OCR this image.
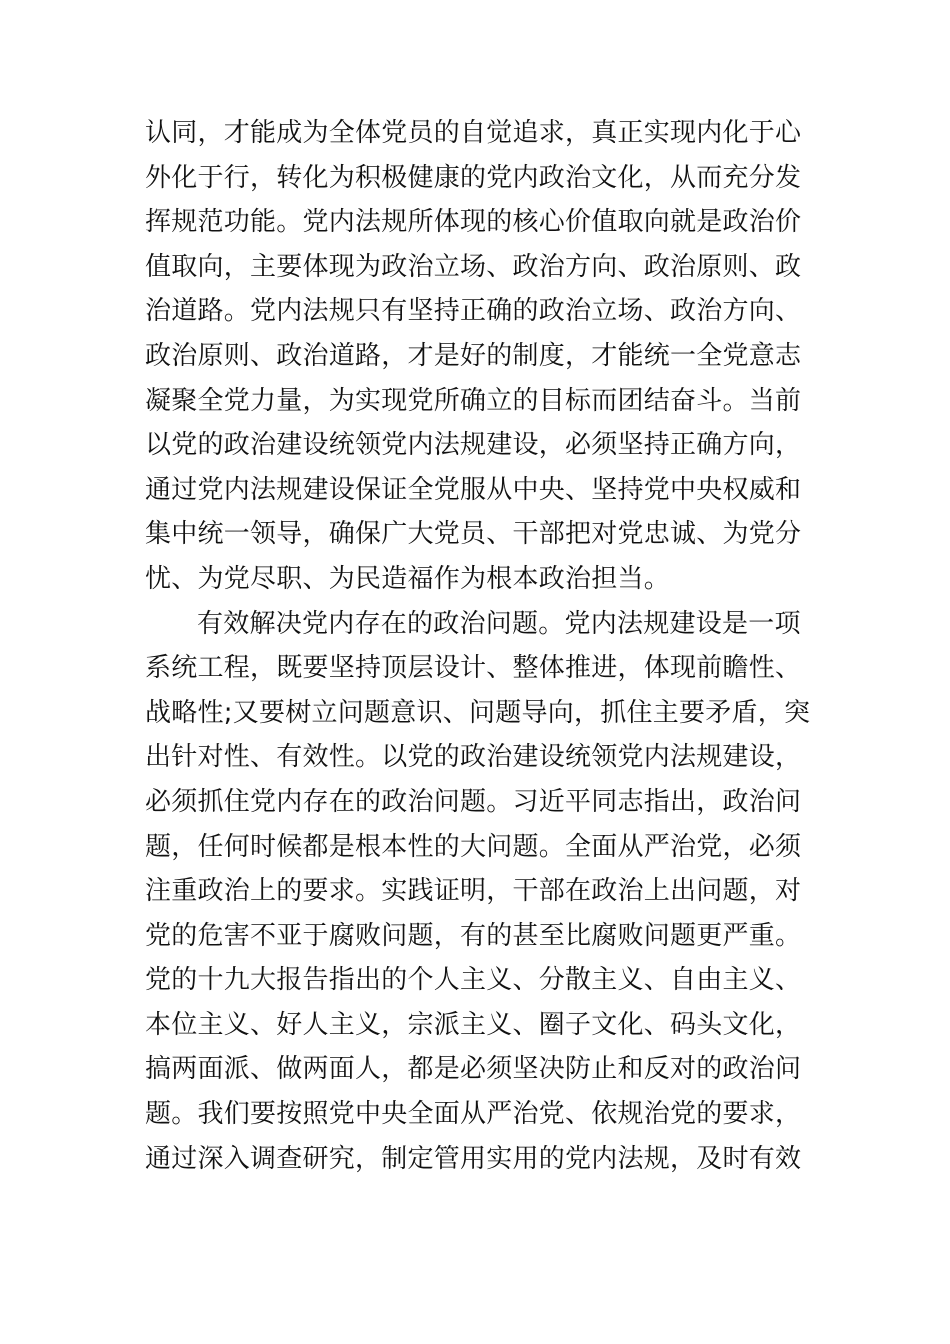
认同，才能成为全体党员的自觉追求，真正实现内化于心
外化于行，转化为积极健康的党内政治文化，从而充分发
挥规范功能。党内法规所体现的核心价值取向就是政治价
值取向，主要体现为政治立场、政治方向、政治原则、政
治道路。党内法规只有坚持正确的政治立场、政治方向、
政治原则、政治道路，才是好的制度，才能统一全党意志
凝聚全党力量，为实现党所确立的目标而团结奋斗。当前
以党的政治建设统领党内法规建设，必须坚持正确方向，
通过党内法规建设保证全党服从中央、坚持党中央权威和
集中统一领导，确保广大党员、干部把对党忠诚、为党分
忧、为党尽职、为民造福作为根本政治担当。
有效解决党内存在的政治问题。党内法规建设是一项
系统工程，既要坚持顶层设计、整体推进，体现前瞻性、
战略性;又要树立问题意识、问题导向，抓住主要矛盾，突
出针对性、有效性。以党的政治建设统领党内法规建设，
必须抓住党内存在的政治问题。习近平同志指出，政治问
题，任何时候都是根本性的大问题。全面从严治党，必须
注重政治上的要求。实践证明，干部在政治上出问题，对
党的危害不亚于腐败问题，有的甚至比腐败问题更严重。
党的十九大报告指出的个人主义、分散主义、自由主义、
本位主义、好人主义，宗派主义、圈子文化、码头文化，
搞两面派、做两面人，都是必须坚决防止和反对的政治问
题。我们要按照党中央全面从严治党、依规治党的要求，
通过深入调查研究，制定管用实用的党内法规，及时有效
